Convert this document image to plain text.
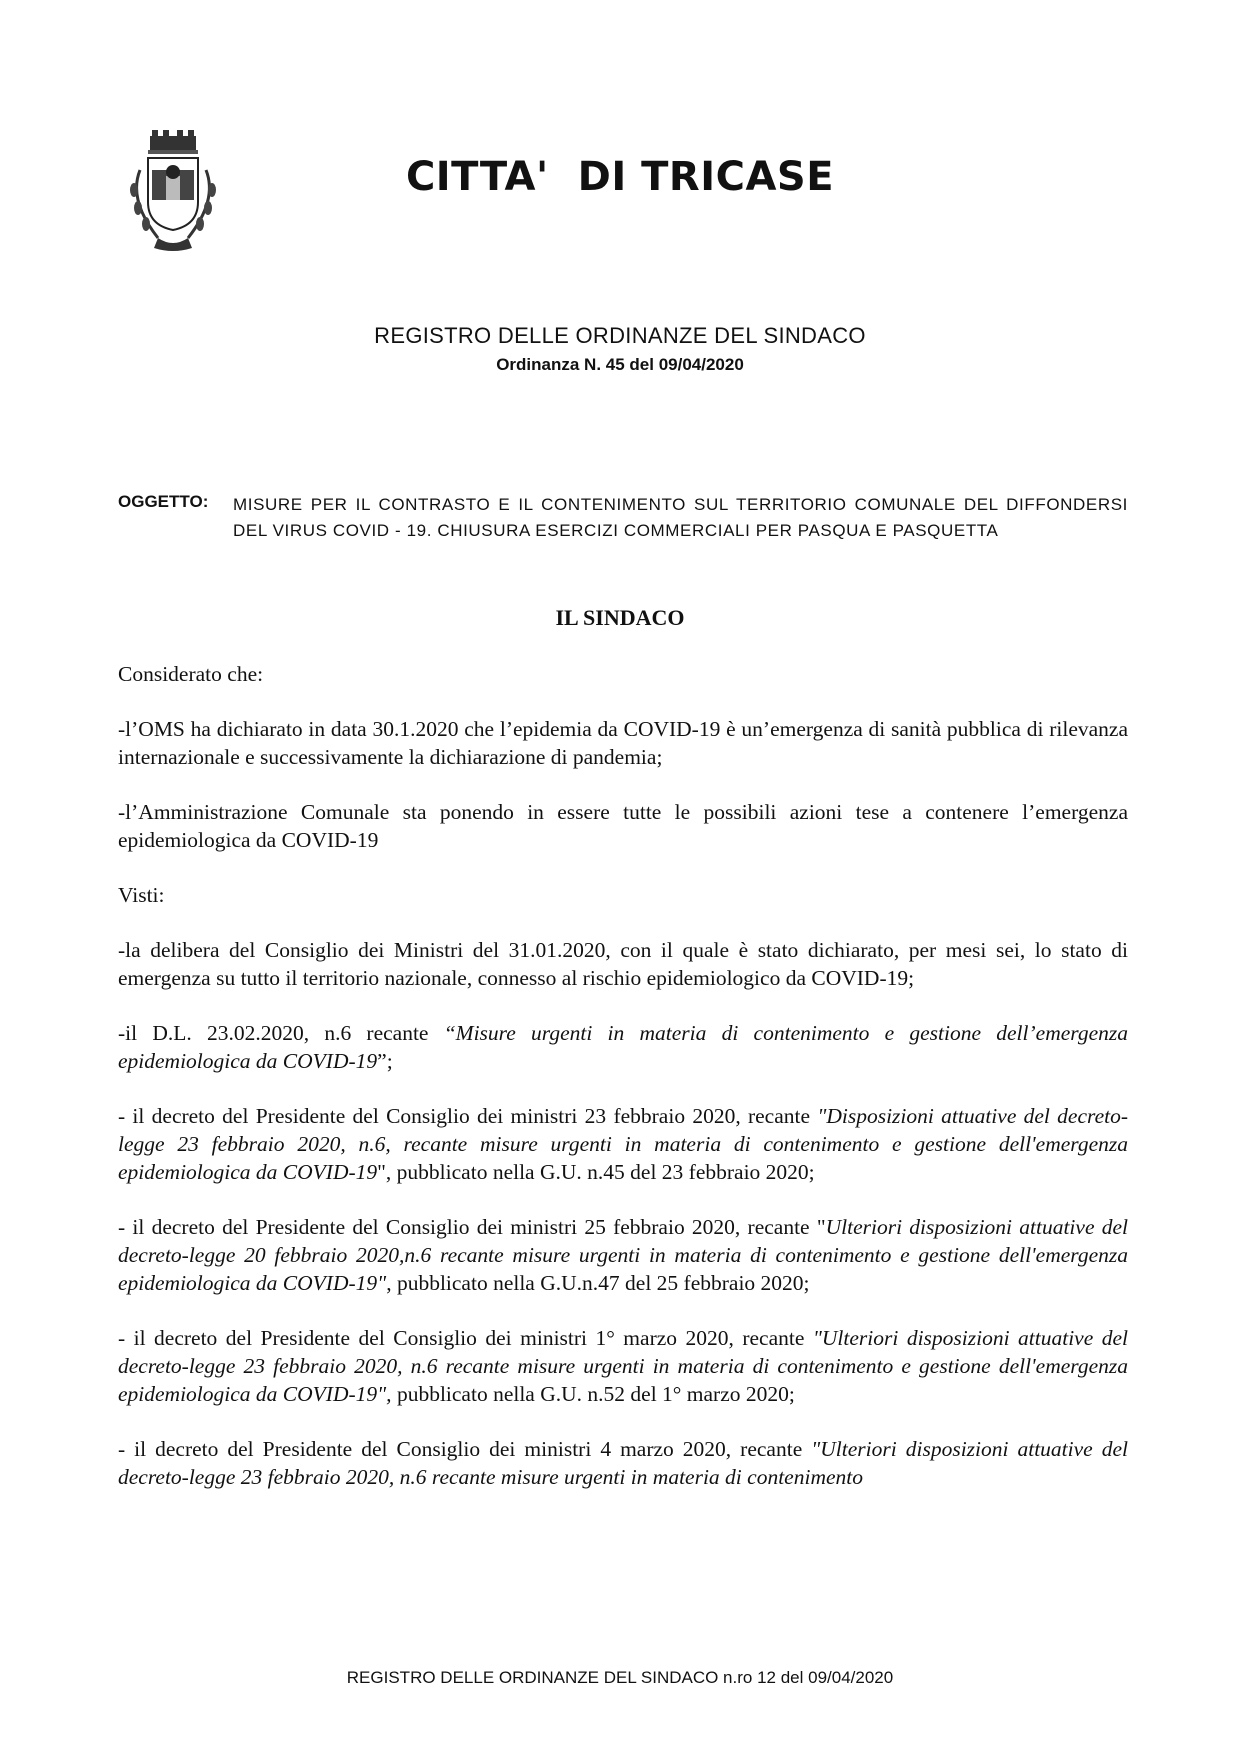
CITTA'  DI TRICASE
REGISTRO DELLE ORDINANZE DEL SINDACO
Ordinanza N. 45 del 09/04/2020
OGGETTO: MISURE PER IL CONTRASTO E IL CONTENIMENTO SUL TERRITORIO COMUNALE DEL DIFFONDERSI DEL VIRUS COVID - 19. CHIUSURA ESERCIZI COMMERCIALI PER PASQUA E PASQUETTA
IL SINDACO

Considerato che:

-l’OMS ha dichiarato in data 30.1.2020 che l’epidemia da COVID-19 è un’emergenza di sanità pubblica di rilevanza internazionale e successivamente la dichiarazione di pandemia;

-l’Amministrazione Comunale sta ponendo in essere tutte le possibili azioni tese a contenere l’emergenza epidemiologica da COVID-19

Visti:

-la delibera del Consiglio dei Ministri del 31.01.2020, con il quale è stato dichiarato, per mesi sei, lo stato di emergenza su tutto il territorio nazionale, connesso al rischio epidemiologico da COVID-19;

-il D.L. 23.02.2020, n.6 recante “Misure urgenti in materia di contenimento e gestione dell’emergenza epidemiologica da COVID-19”;

- il decreto del Presidente del Consiglio dei ministri 23 febbraio 2020, recante "Disposizioni attuative del decreto-legge 23 febbraio 2020, n.6, recante misure urgenti in materia di contenimento e gestione dell'emergenza epidemiologica da COVID-19", pubblicato nella G.U. n.45 del 23 febbraio 2020;

- il decreto del Presidente del Consiglio dei ministri 25 febbraio 2020, recante "Ulteriori disposizioni attuative del decreto-legge 20 febbraio 2020,n.6 recante misure urgenti in materia di contenimento e gestione dell'emergenza epidemiologica da COVID-19", pubblicato nella G.U.n.47 del 25 febbraio 2020;

- il decreto del Presidente del Consiglio dei ministri 1° marzo 2020, recante "Ulteriori disposizioni attuative del decreto-legge 23 febbraio 2020, n.6 recante misure urgenti in materia di contenimento e gestione dell'emergenza epidemiologica da COVID-19", pubblicato nella G.U. n.52 del 1° marzo 2020;

- il decreto del Presidente del Consiglio dei ministri 4 marzo 2020, recante "Ulteriori disposizioni attuative del decreto-legge 23 febbraio 2020, n.6 recante misure urgenti in materia di contenimento

REGISTRO DELLE ORDINANZE DEL SINDACO n.ro 12 del 09/04/2020
